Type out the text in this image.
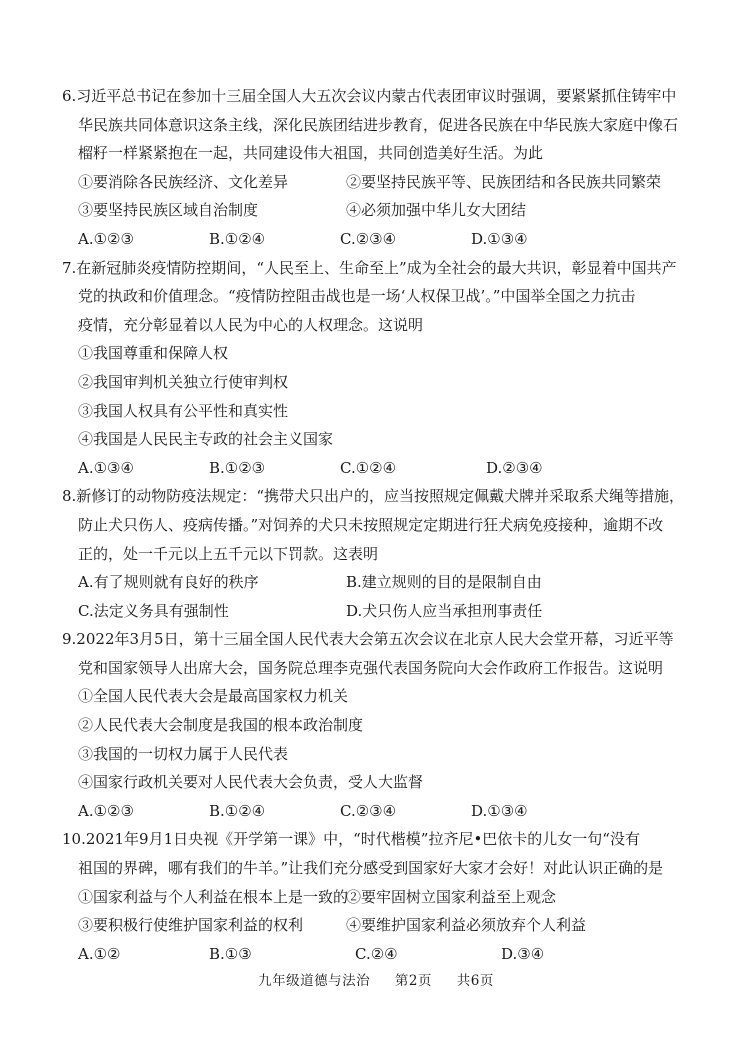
6.习近平总书记在参加十三届全国人大五次会议内蒙古代表团审议时强调，要紧紧抓住铸牢中
华民族共同体意识这条主线，深化民族团结进步教育，促进各民族在中华民族大家庭中像石
榴籽一样紧紧抱在一起，共同建设伟大祖国，共同创造美好生活。为此
①要消除各民族经济、文化差异	②要坚持民族平等、民族团结和各民族共同繁荣
③要坚持民族区域自治制度	④必须加强中华儿女大团结
A.①②③	B.①②④	C.②③④	D.①③④
7.在新冠肺炎疫情防控期间，“人民至上、生命至上”成为全社会的最大共识，彰显着中国共产
党的执政和价值理念。“疫情防控阻击战也是一场‘人权保卫战’。”中国举全国之力抗击
疫情，充分彰显着以人民为中心的人权理念。这说明
①我国尊重和保障人权
②我国审判机关独立行使审判权
③我国人权具有公平性和真实性
④我国是人民民主专政的社会主义国家
A.①③④	B.①②③	C.①②④	D.②③④
8.新修订的动物防疫法规定：“携带犬只出户的，应当按照规定佩戴犬牌并采取系犬绳等措施，
防止犬只伤人、疫病传播。”对饲养的犬只未按照规定定期进行狂犬病免疫接种，逾期不改
正的，处一千元以上五千元以下罚款。这表明
A.有了规则就有良好的秩序	B.建立规则的目的是限制自由
C.法定义务具有强制性	D.犬只伤人应当承担刑事责任
9.2022年3月5日，第十三届全国人民代表大会第五次会议在北京人民大会堂开幕，习近平等
党和国家领导人出席大会，国务院总理李克强代表国务院向大会作政府工作报告。这说明
①全国人民代表大会是最高国家权力机关
②人民代表大会制度是我国的根本政治制度
③我国的一切权力属于人民代表
④国家行政机关要对人民代表大会负责，受人大监督
A.①②③	B.①②④	C.②③④	D.①③④
10.2021年9月1日央视《开学第一课》中，“时代楷模”拉齐尼•巴依卡的儿女一句“没有
祖国的界碑，哪有我们的牛羊。”让我们充分感受到国家好大家才会好！对此认识正确的是
①国家利益与个人利益在根本上是一致的
②要牢固树立国家利益至上观念
③要积极行使维护国家利益的权利	④要维护国家利益必须放弃个人利益
A.①②	B.①③	C.②④	D.③④
九年级道德与法治 第2页 共6页
